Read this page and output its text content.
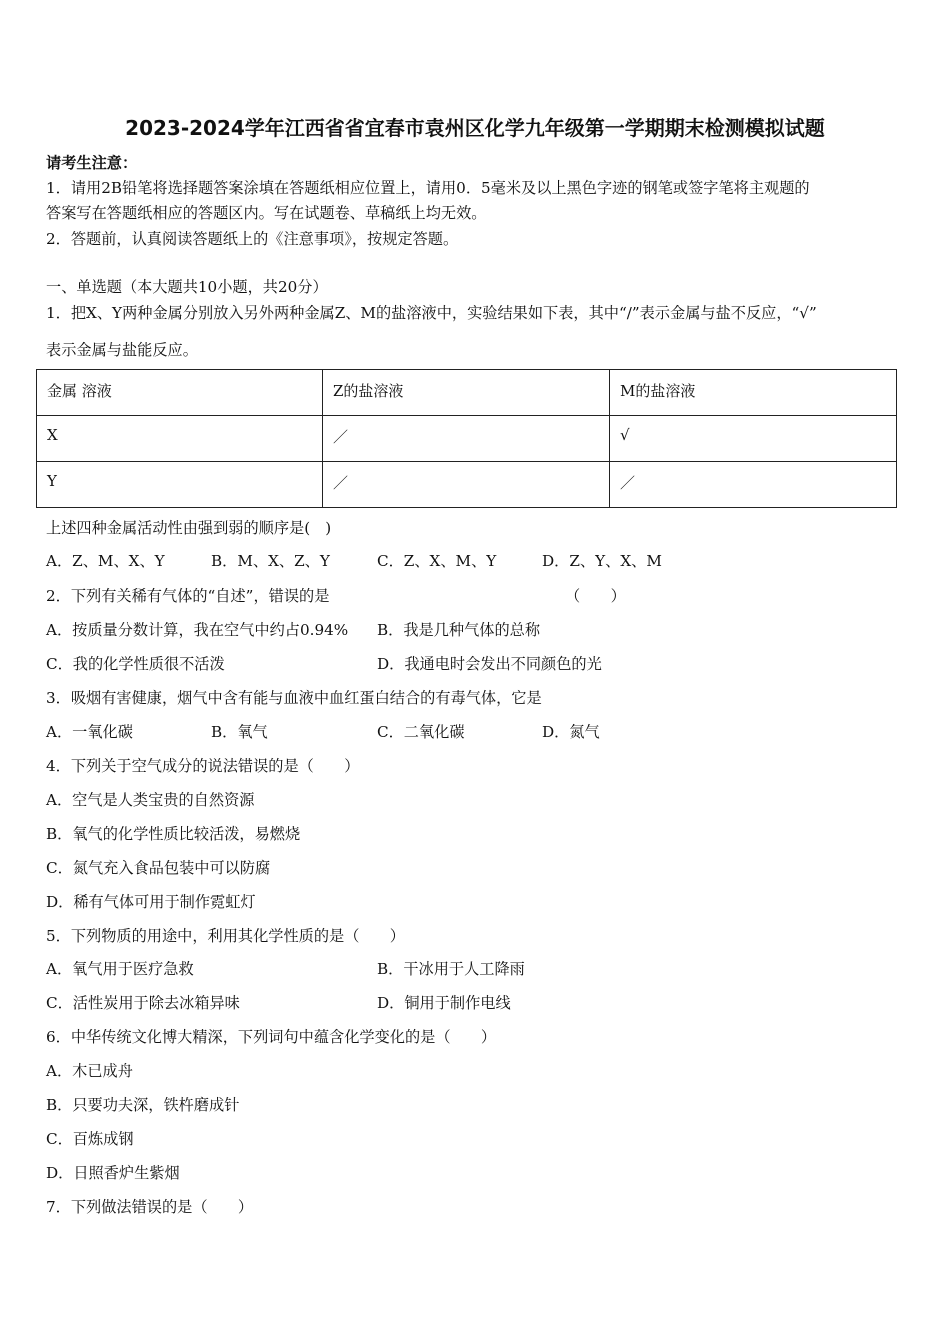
2023-2024学年江西省省宜春市袁州区化学九年级第一学期期末检测模拟试题
请考生注意：
1．请用2B铅笔将选择题答案涂填在答题纸相应位置上，请用0．5毫米及以上黑色字迹的钢笔或签字笔将主观题的
答案写在答题纸相应的答题区内。写在试题卷、草稿纸上均无效。
2．答题前，认真阅读答题纸上的《注意事项》，按规定答题。
一、单选题（本大题共10小题，共20分）
1．把X、Y两种金属分别放入另外两种金属Z、M的盐溶液中，实验结果如下表，其中“/”表示金属与盐不反应，“√”
表示金属与盐能反应。
金属 溶液	Z的盐溶液	M的盐溶液
X	／	√
Y	／	／
上述四种金属活动性由强到弱的顺序是(　)
A．Z、M、X、Y	B．M、X、Z、Y	C．Z、X、M、Y	D．Z、Y、X、M
2．下列有关稀有气体的“自述”，错误的是	（　　）
A．按质量分数计算，我在空气中约占0.94% B．我是几种气体的总称
C．我的化学性质很不活泼	D．我通电时会发出不同颜色的光
3．吸烟有害健康，烟气中含有能与血液中血红蛋白结合的有毒气体，它是
A．一氧化碳	B．氧气	C．二氧化碳	D．氮气
4．下列关于空气成分的说法错误的是（　　）
A．空气是人类宝贵的自然资源
B．氧气的化学性质比较活泼，易燃烧
C．氮气充入食品包装中可以防腐
D．稀有气体可用于制作霓虹灯
5．下列物质的用途中，利用其化学性质的是（　　）
A．氧气用于医疗急救	B．干冰用于人工降雨
C．活性炭用于除去冰箱异味	D．铜用于制作电线
6．中华传统文化博大精深，下列词句中蕴含化学变化的是（　　）
A．木已成舟
B．只要功夫深，铁杵磨成针
C．百炼成钢
D．日照香炉生紫烟
7．下列做法错误的是（　　）
